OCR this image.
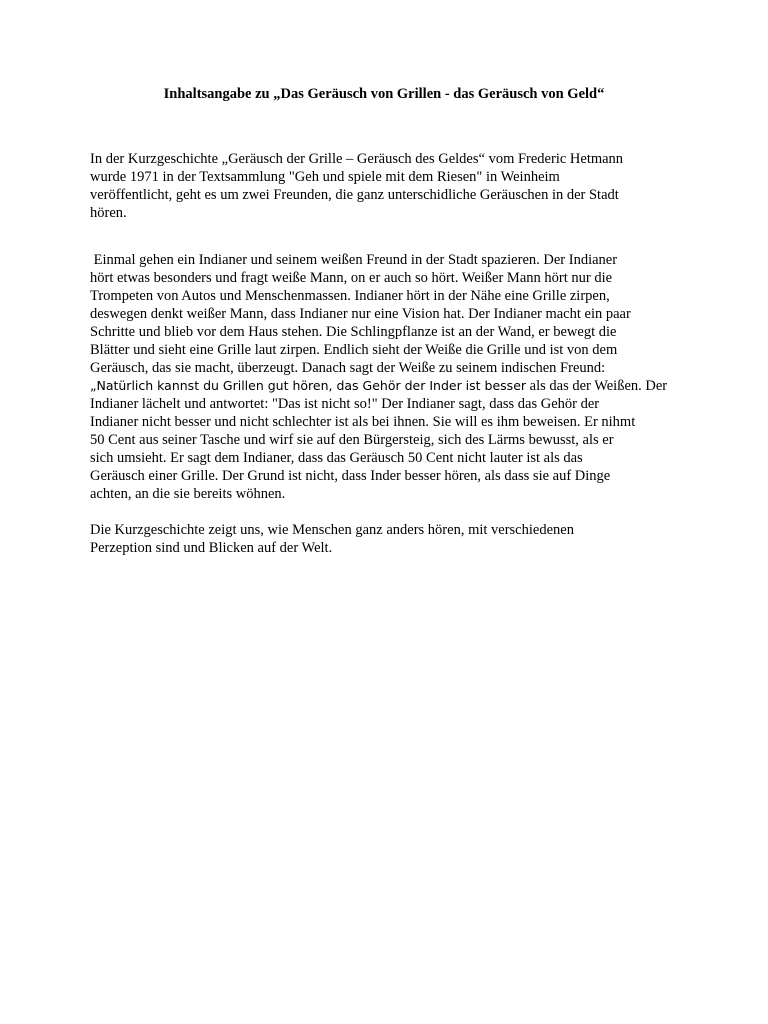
Inhaltsangabe zu „Das Geräusch von Grillen - das Geräusch von Geld“

In der Kurzgeschichte „Geräusch der Grille – Geräusch des Geldes“ vom Frederic Hetmann
wurde 1971 in der Textsammlung "Geh und spiele mit dem Riesen" in Weinheim
veröffentlicht, geht es um zwei Freunden, die ganz unterschidliche Geräuschen in der Stadt
hören.

Einmal gehen ein Indianer und seinem weißen Freund in der Stadt spazieren. Der Indianer
hört etwas besonders und fragt weiße Mann, on er auch so hört. Weißer Mann hört nur die
Trompeten von Autos und Menschenmassen. Indianer hört in der Nähe eine Grille zirpen,
deswegen denkt weißer Mann, dass Indianer nur eine Vision hat. Der Indianer macht ein paar
Schritte und blieb vor dem Haus stehen. Die Schlingpflanze ist an der Wand, er bewegt die
Blätter und sieht eine Grille laut zirpen. Endlich sieht der Weiße die Grille und ist von dem
Geräusch, das sie macht, überzeugt. Danach sagt der Weiße zu seinem indischen Freund:
„Natürlich kannst du Grillen gut hören, das Gehör der Inder ist besser als das der Weißen. Der
Indianer lächelt und antwortet: "Das ist nicht so!" Der Indianer sagt, dass das Gehör der
Indianer nicht besser und nicht schlechter ist als bei ihnen. Sie will es ihm beweisen. Er nihmt
50 Cent aus seiner Tasche und wirf sie auf den Bürgersteig, sich des Lärms bewusst, als er
sich umsieht. Er sagt dem Indianer, dass das Geräusch 50 Cent nicht lauter ist als das
Geräusch einer Grille. Der Grund ist nicht, dass Inder besser hören, als dass sie auf Dinge
achten, an die sie bereits wöhnen.

Die Kurzgeschichte zeigt uns, wie Menschen ganz anders hören, mit verschiedenen
Perzeption sind und Blicken auf der Welt.
